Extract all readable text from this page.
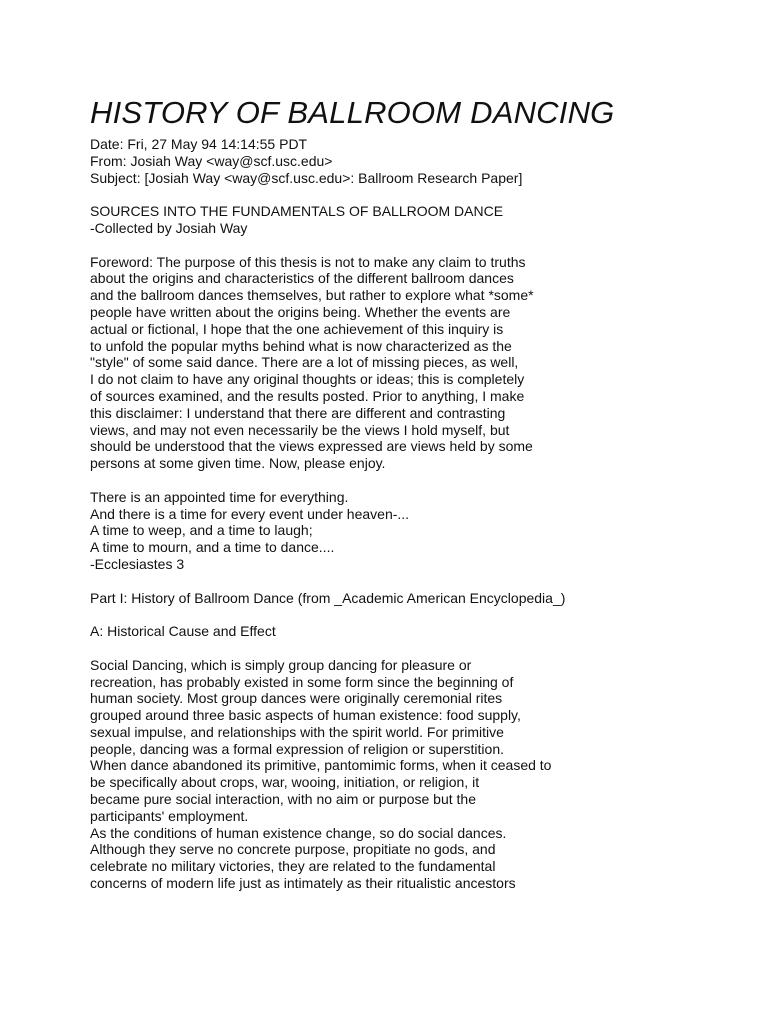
HISTORY OF BALLROOM DANCING
Date: Fri, 27 May 94 14:14:55 PDT
From: Josiah Way <way@scf.usc.edu>
Subject: [Josiah Way <way@scf.usc.edu>: Ballroom Research Paper]
SOURCES INTO THE FUNDAMENTALS OF BALLROOM DANCE
-Collected by Josiah Way
Foreword: The purpose of this thesis is not to make any claim to truths
about the origins and characteristics of the different ballroom dances
and the ballroom dances themselves, but rather to explore what *some*
people have written about the origins being. Whether the events are
actual or fictional, I hope that the one achievement of this inquiry is
to unfold the popular myths behind what is now characterized as the
"style" of some said dance. There are a lot of missing pieces, as well,
I do not claim to have any original thoughts or ideas; this is completely
of sources examined, and the results posted. Prior to anything, I make
this disclaimer: I understand that there are different and contrasting
views, and may not even necessarily be the views I hold myself, but
should be understood that the views expressed are views held by some
persons at some given time. Now, please enjoy.
There is an appointed time for everything.
And there is a time for every event under heaven-...
A time to weep, and a time to laugh;
A time to mourn, and a time to dance....
-Ecclesiastes 3
Part I: History of Ballroom Dance (from _Academic American Encyclopedia_)
A: Historical Cause and Effect
Social Dancing, which is simply group dancing for pleasure or
recreation, has probably existed in some form since the beginning of
human society. Most group dances were originally ceremonial rites
grouped around three basic aspects of human existence: food supply,
sexual impulse, and relationships with the spirit world. For primitive
people, dancing was a formal expression of religion or superstition.
When dance abandoned its primitive, pantomimic forms, when it ceased to
be specifically about crops, war, wooing, initiation, or religion, it
became pure social interaction, with no aim or purpose but the
participants' employment.
As the conditions of human existence change, so do social dances.
Although they serve no concrete purpose, propitiate no gods, and
celebrate no military victories, they are related to the fundamental
concerns of modern life just as intimately as their ritualistic ancestors
